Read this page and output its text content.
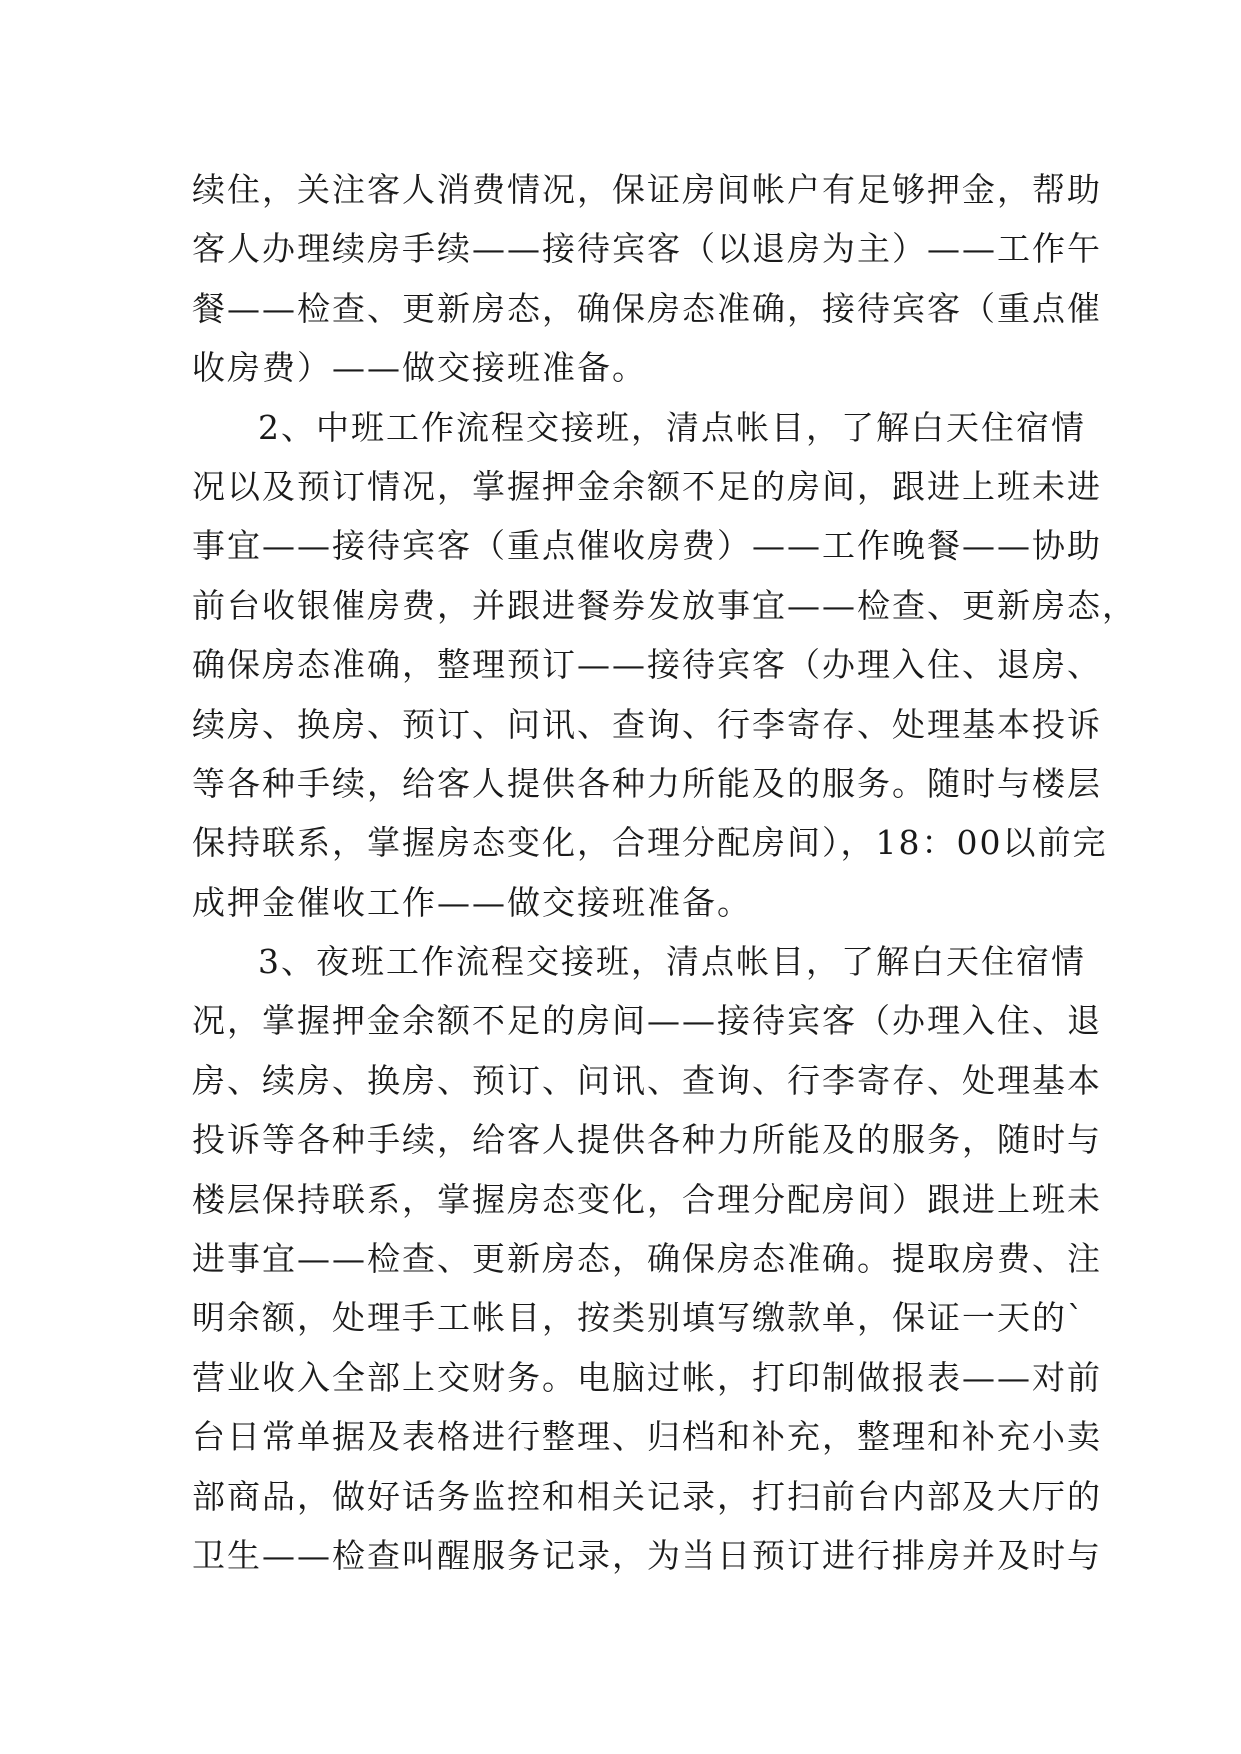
续住，关注客人消费情况，保证房间帐户有足够押金，帮助
客人办理续房手续——接待宾客（以退房为主）——工作午
餐——检查、更新房态，确保房态准确，接待宾客（重点催
收房费）——做交接班准备。
2、中班工作流程交接班，清点帐目，了解白天住宿情
况以及预订情况，掌握押金余额不足的房间，跟进上班未进
事宜——接待宾客（重点催收房费）——工作晚餐——协助
前台收银催房费，并跟进餐券发放事宜——检查、更新房态，
确保房态准确，整理预订——接待宾客（办理入住、退房、
续房、换房、预订、问讯、查询、行李寄存、处理基本投诉
等各种手续，给客人提供各种力所能及的服务。随时与楼层
保持联系，掌握房态变化，合理分配房间），18：00以前完
成押金催收工作——做交接班准备。
3、夜班工作流程交接班，清点帐目，了解白天住宿情
况，掌握押金余额不足的房间——接待宾客（办理入住、退
房、续房、换房、预订、问讯、查询、行李寄存、处理基本
投诉等各种手续，给客人提供各种力所能及的服务，随时与
楼层保持联系，掌握房态变化，合理分配房间）跟进上班未
进事宜——检查、更新房态，确保房态准确。提取房费、注
明余额，处理手工帐目，按类别填写缴款单，保证一天的`
营业收入全部上交财务。电脑过帐，打印制做报表——对前
台日常单据及表格进行整理、归档和补充，整理和补充小卖
部商品，做好话务监控和相关记录，打扫前台内部及大厅的
卫生——检查叫醒服务记录，为当日预订进行排房并及时与
